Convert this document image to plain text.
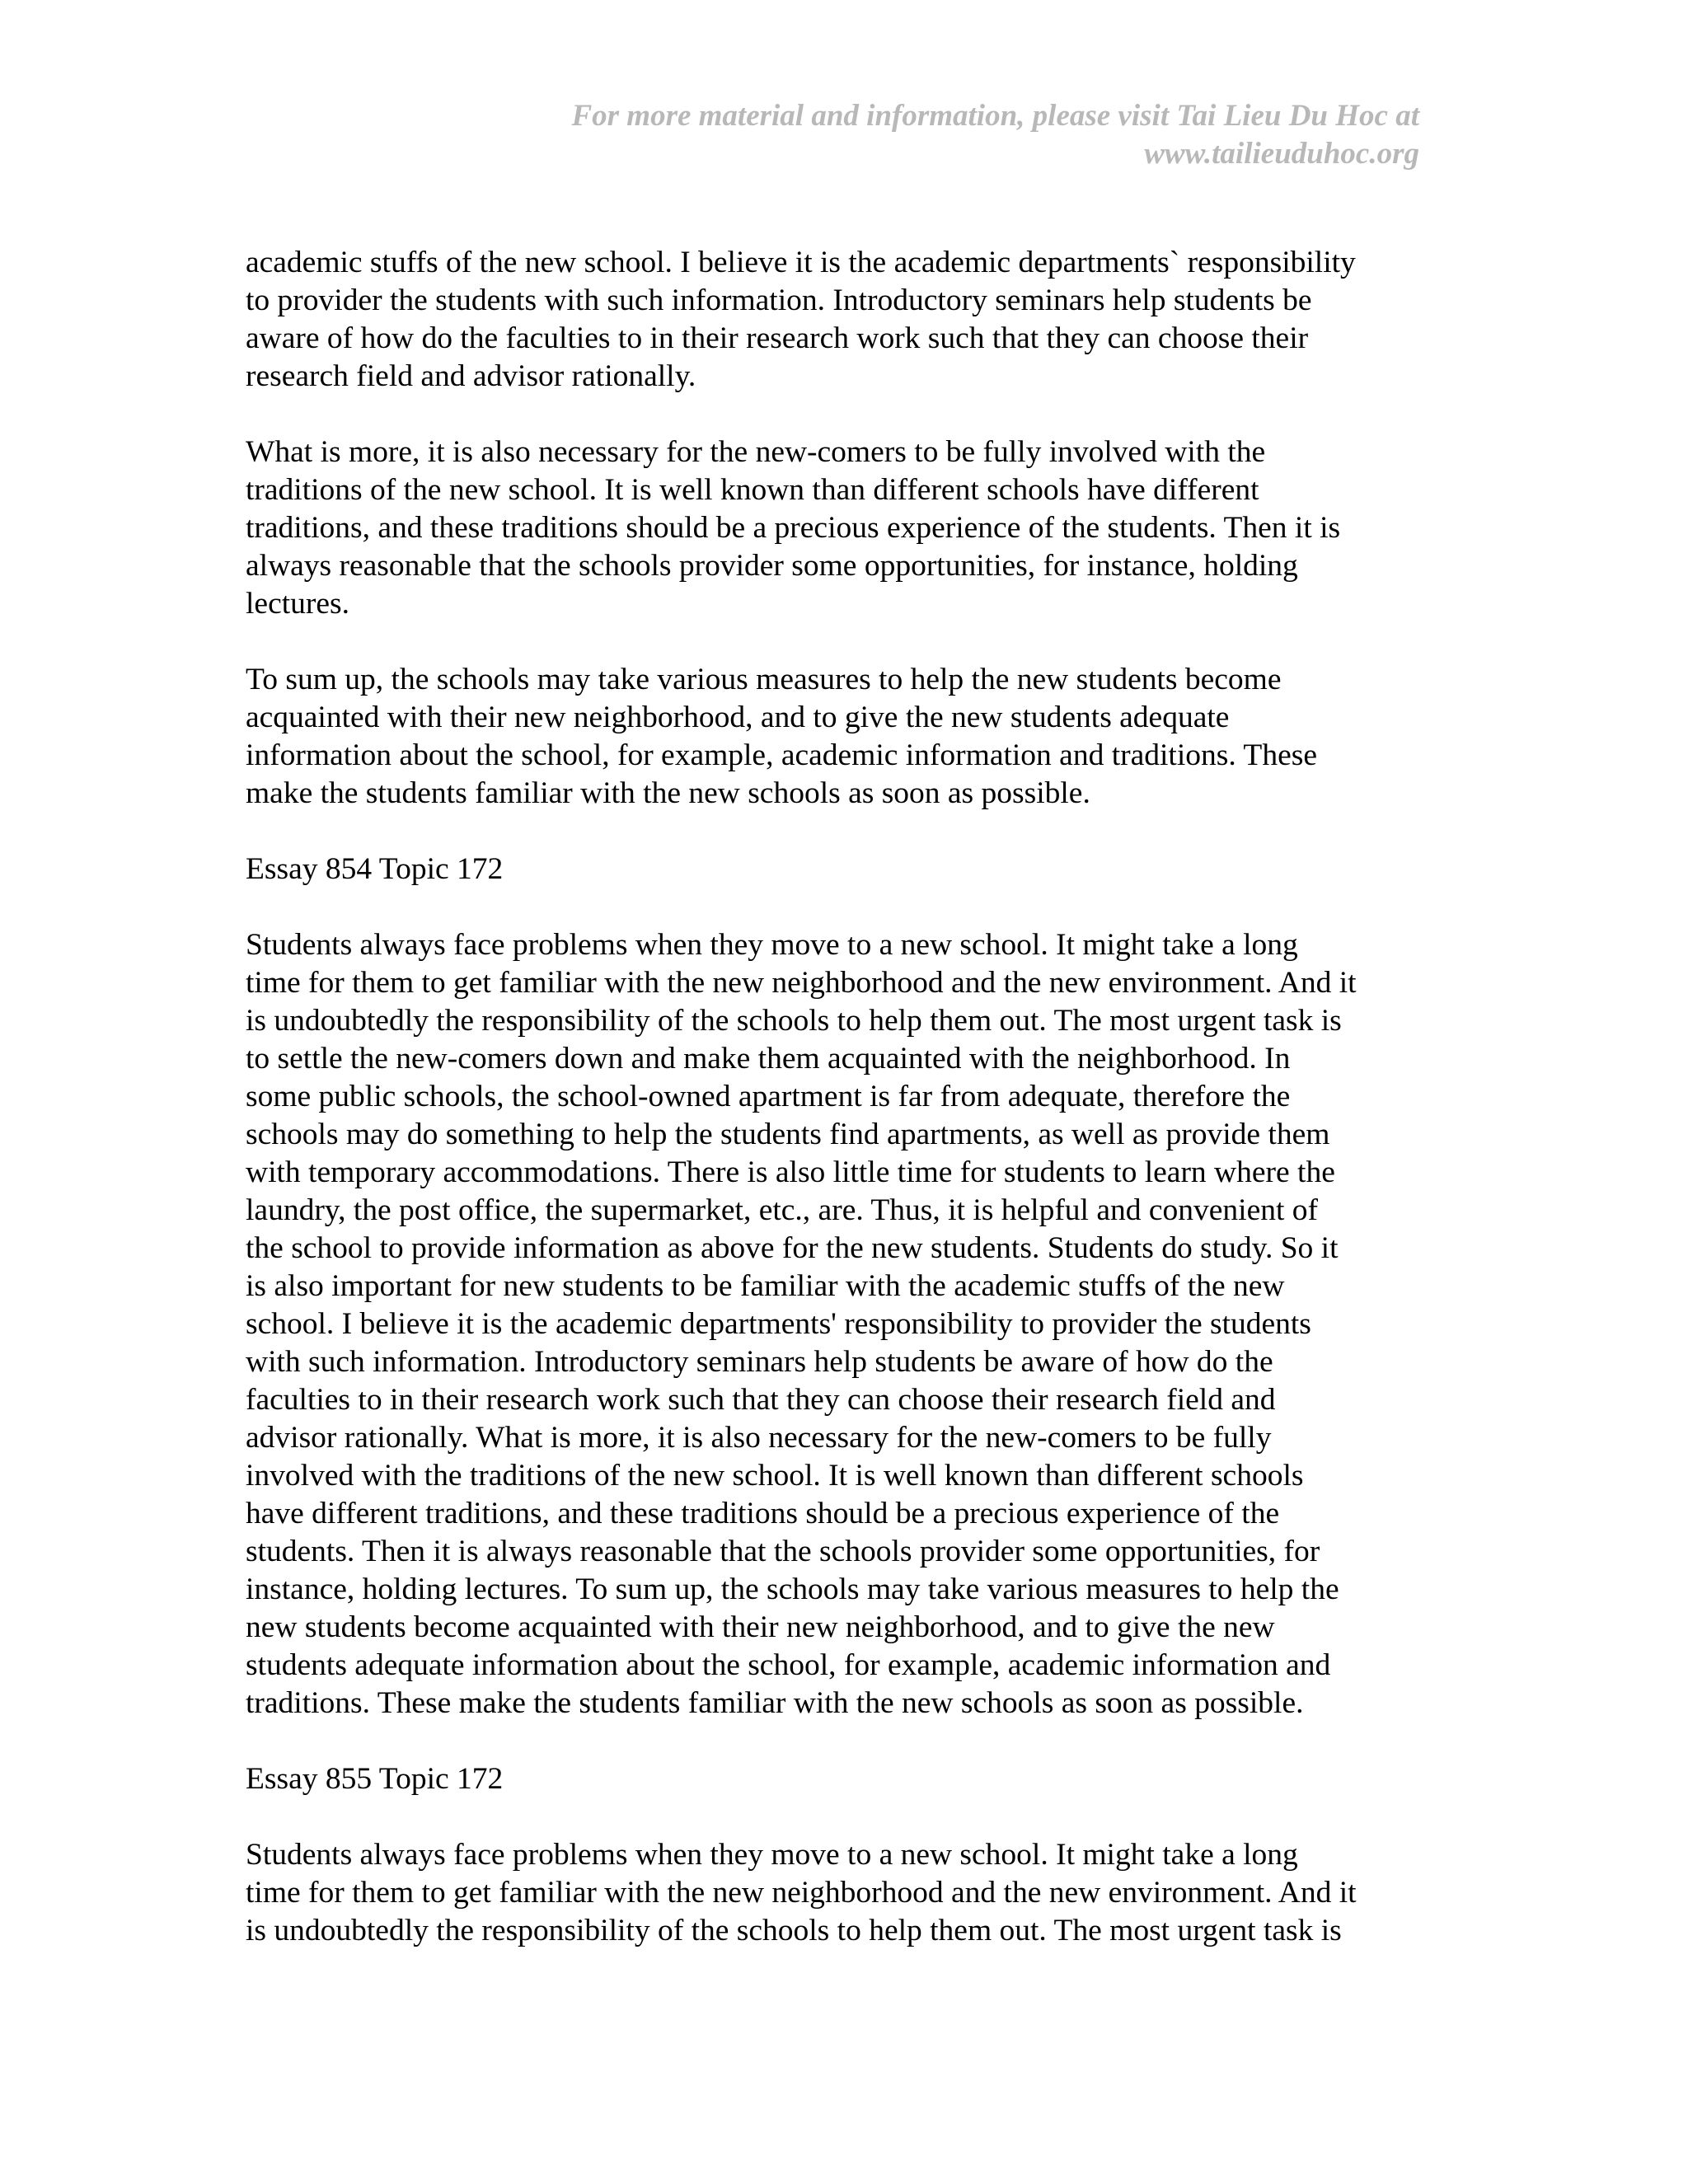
For more material and information, please visit Tai Lieu Du Hoc at
www.tailieuduhoc.org

academic stuffs of the new school. I believe it is the academic departments` responsibility
to provider the students with such information. Introductory seminars help students be
aware of how do the faculties to in their research work such that they can choose their
research field and advisor rationally.

What is more, it is also necessary for the new-comers to be fully involved with the
traditions of the new school. It is well known than different schools have different
traditions, and these traditions should be a precious experience of the students. Then it is
always reasonable that the schools provider some opportunities, for instance, holding
lectures.

To sum up, the schools may take various measures to help the new students become
acquainted with their new neighborhood, and to give the new students adequate
information about the school, for example, academic information and traditions. These
make the students familiar with the new schools as soon as possible.

Essay 854 Topic 172

Students always face problems when they move to a new school. It might take a long
time for them to get familiar with the new neighborhood and the new environment. And it
is undoubtedly the responsibility of the schools to help them out. The most urgent task is
to settle the new-comers down and make them acquainted with the neighborhood. In
some public schools, the school-owned apartment is far from adequate, therefore the
schools may do something to help the students find apartments, as well as provide them
with temporary accommodations. There is also little time for students to learn where the
laundry, the post office, the supermarket, etc., are. Thus, it is helpful and convenient of
the school to provide information as above for the new students. Students do study. So it
is also important for new students to be familiar with the academic stuffs of the new
school. I believe it is the academic departments' responsibility to provider the students
with such information. Introductory seminars help students be aware of how do the
faculties to in their research work such that they can choose their research field and
advisor rationally. What is more, it is also necessary for the new-comers to be fully
involved with the traditions of the new school. It is well known than different schools
have different traditions, and these traditions should be a precious experience of the
students. Then it is always reasonable that the schools provider some opportunities, for
instance, holding lectures. To sum up, the schools may take various measures to help the
new students become acquainted with their new neighborhood, and to give the new
students adequate information about the school, for example, academic information and
traditions. These make the students familiar with the new schools as soon as possible.

Essay 855 Topic 172

Students always face problems when they move to a new school. It might take a long
time for them to get familiar with the new neighborhood and the new environment. And it
is undoubtedly the responsibility of the schools to help them out. The most urgent task is
